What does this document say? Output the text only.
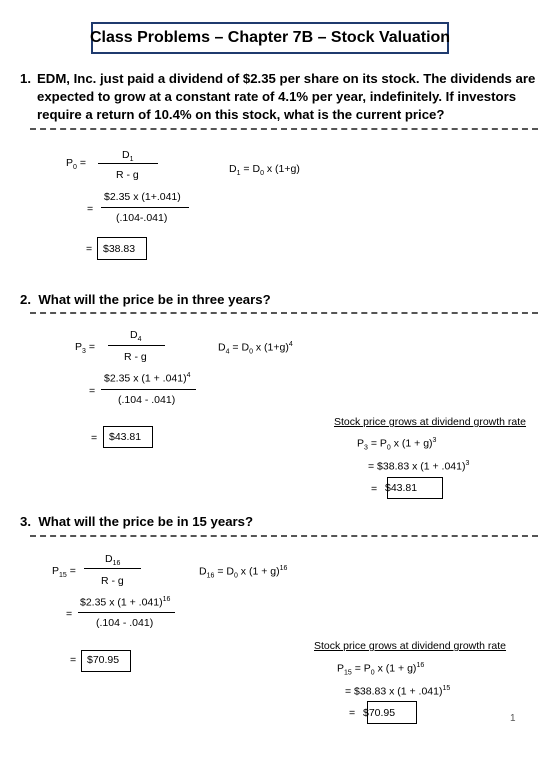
Class Problems – Chapter 7B – Stock Valuation
1. EDM, Inc. just paid a dividend of $2.35 per share on its stock. The dividends are
expected to grow at a constant rate of 4.1% per year, indefinitely. If investors
require a return of 10.4% on this stock, what is the current price?
$P_0$ =
$D_1$
R - g	$D_1 = D_0$ x (1+g)
=
$2.35 x (1+.041)
(.104-.041)
= $38.83
2. What will the price be in three years?
$P_3$ =
$D_4$
R - g
$D_4 = D_0$ x $(1+g)^4$
=
$2.35 x $(1 + .041)^4$
(.104 - .041)
= $43.81
Stock price grows at dividend growth rate
$P_3 = P_0$ x $(1 + g)^3$
= $38.83 x $(1 + .041)^3$
= $43.81
3. What will the price be in 15 years?
$P_{15}$ =
$D_{16}$
R - g
$D_{16} = D_0$ x $(1 + g)^{16}$
=
$2.35 x $(1 + .041)^{16}$
(.104 - .041)
= $70.95
Stock price grows at dividend growth rate
$P_{15} = P_0$ x $(1 + g)^{16}$
= $38.83 x $(1 + .041)^{15}$
= $70.95	1
